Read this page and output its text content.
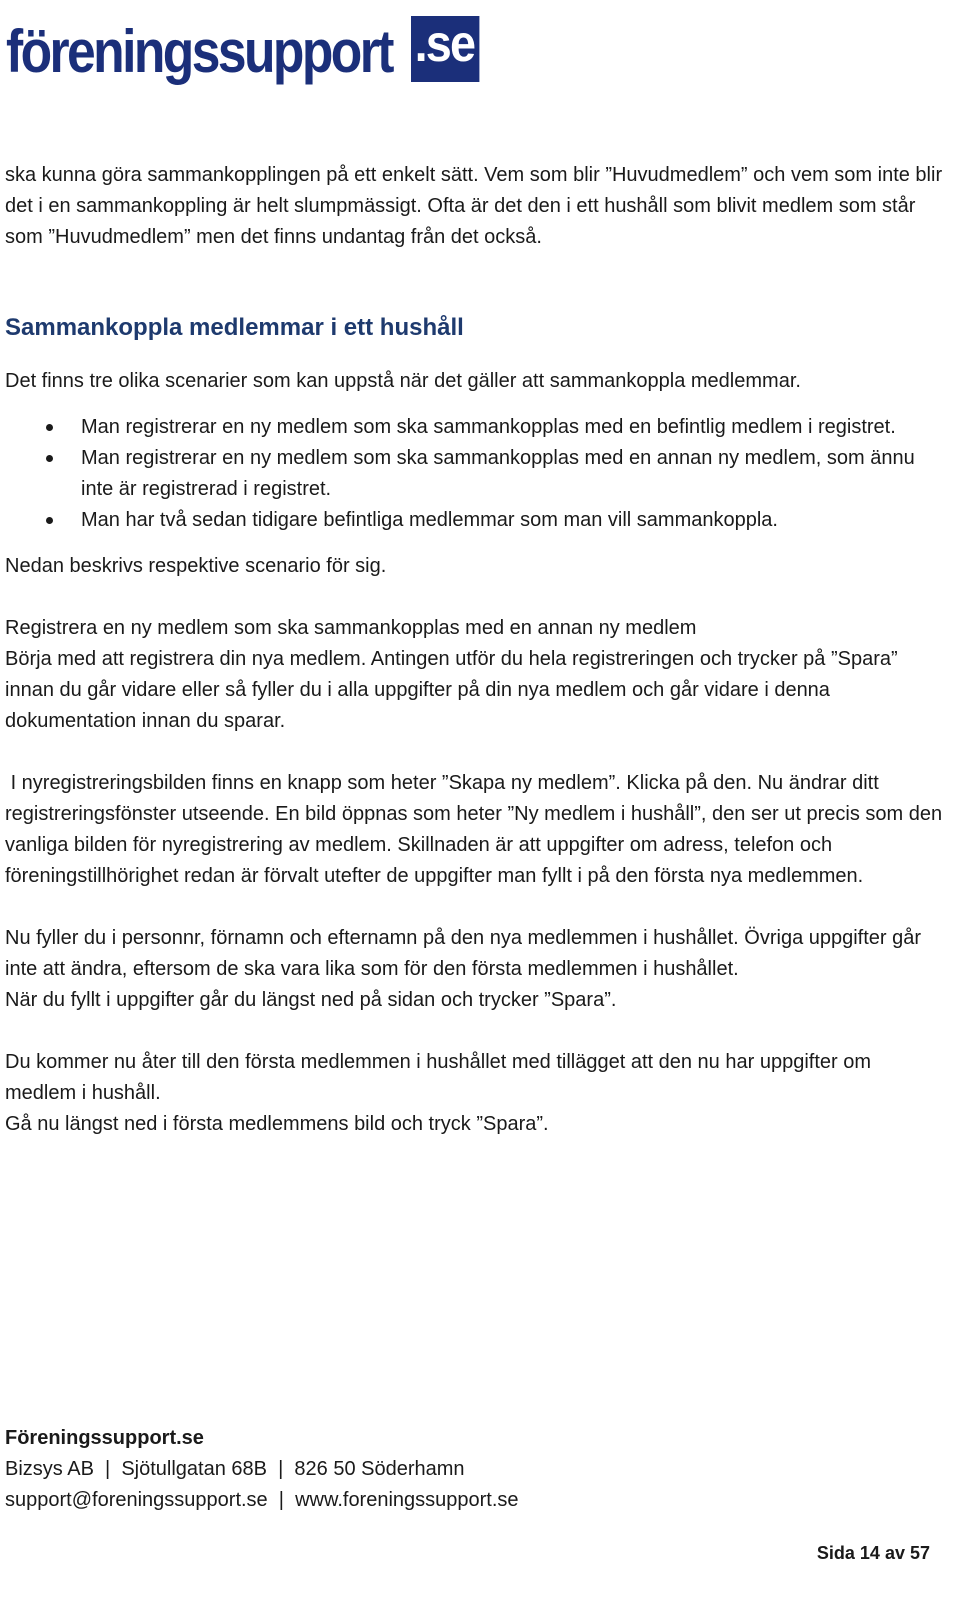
föreningssupport .se

ska kunna göra sammankopplingen på ett enkelt sätt. Vem som blir ”Huvudmedlem” och vem som inte blir det i en sammankoppling är helt slumpmässigt. Ofta är det den i ett hushåll som blivit medlem som står som ”Huvudmedlem” men det finns undantag från det också.

Sammankoppla medlemmar i ett hushåll

Det finns tre olika scenarier som kan uppstå när det gäller att sammankoppla medlemmar.

Man registrerar en ny medlem som ska sammankopplas med en befintlig medlem i registret.
Man registrerar en ny medlem som ska sammankopplas med en annan ny medlem, som ännu inte är registrerad i registret.
Man har två sedan tidigare befintliga medlemmar som man vill sammankoppla.

Nedan beskrivs respektive scenario för sig.

Registrera en ny medlem som ska sammankopplas med en annan ny medlem

Börja med att registrera din nya medlem. Antingen utför du hela registreringen och trycker på ”Spara” innan du går vidare eller så fyller du i alla uppgifter på din nya medlem och går vidare i denna dokumentation innan du sparar.

I nyregistreringsbilden finns en knapp som heter ”Skapa ny medlem”. Klicka på den. Nu ändrar ditt registreringsfönster utseende. En bild öppnas som heter ”Ny medlem i hushåll”, den ser ut precis som den vanliga bilden för nyregistrering av medlem. Skillnaden är att uppgifter om adress, telefon och föreningstillhörighet redan är förvalt utefter de uppgifter man fyllt i på den första nya medlemmen.

Nu fyller du i personnr, förnamn och efternamn på den nya medlemmen i hushållet. Övriga uppgifter går inte att ändra, eftersom de ska vara lika som för den första medlemmen i hushållet.

När du fyllt i uppgifter går du längst ned på sidan och trycker ”Spara”.

Du kommer nu åter till den första medlemmen i hushållet med tillägget att den nu har uppgifter om medlem i hushåll.

Gå nu längst ned i första medlemmens bild och tryck ”Spara”.

Föreningssupport.se

Bizsys AB  |  Sjötullgatan 68B  |  826 50 Söderhamn

support@foreningssupport.se  |  www.foreningssupport.se

Sida 14 av 57
